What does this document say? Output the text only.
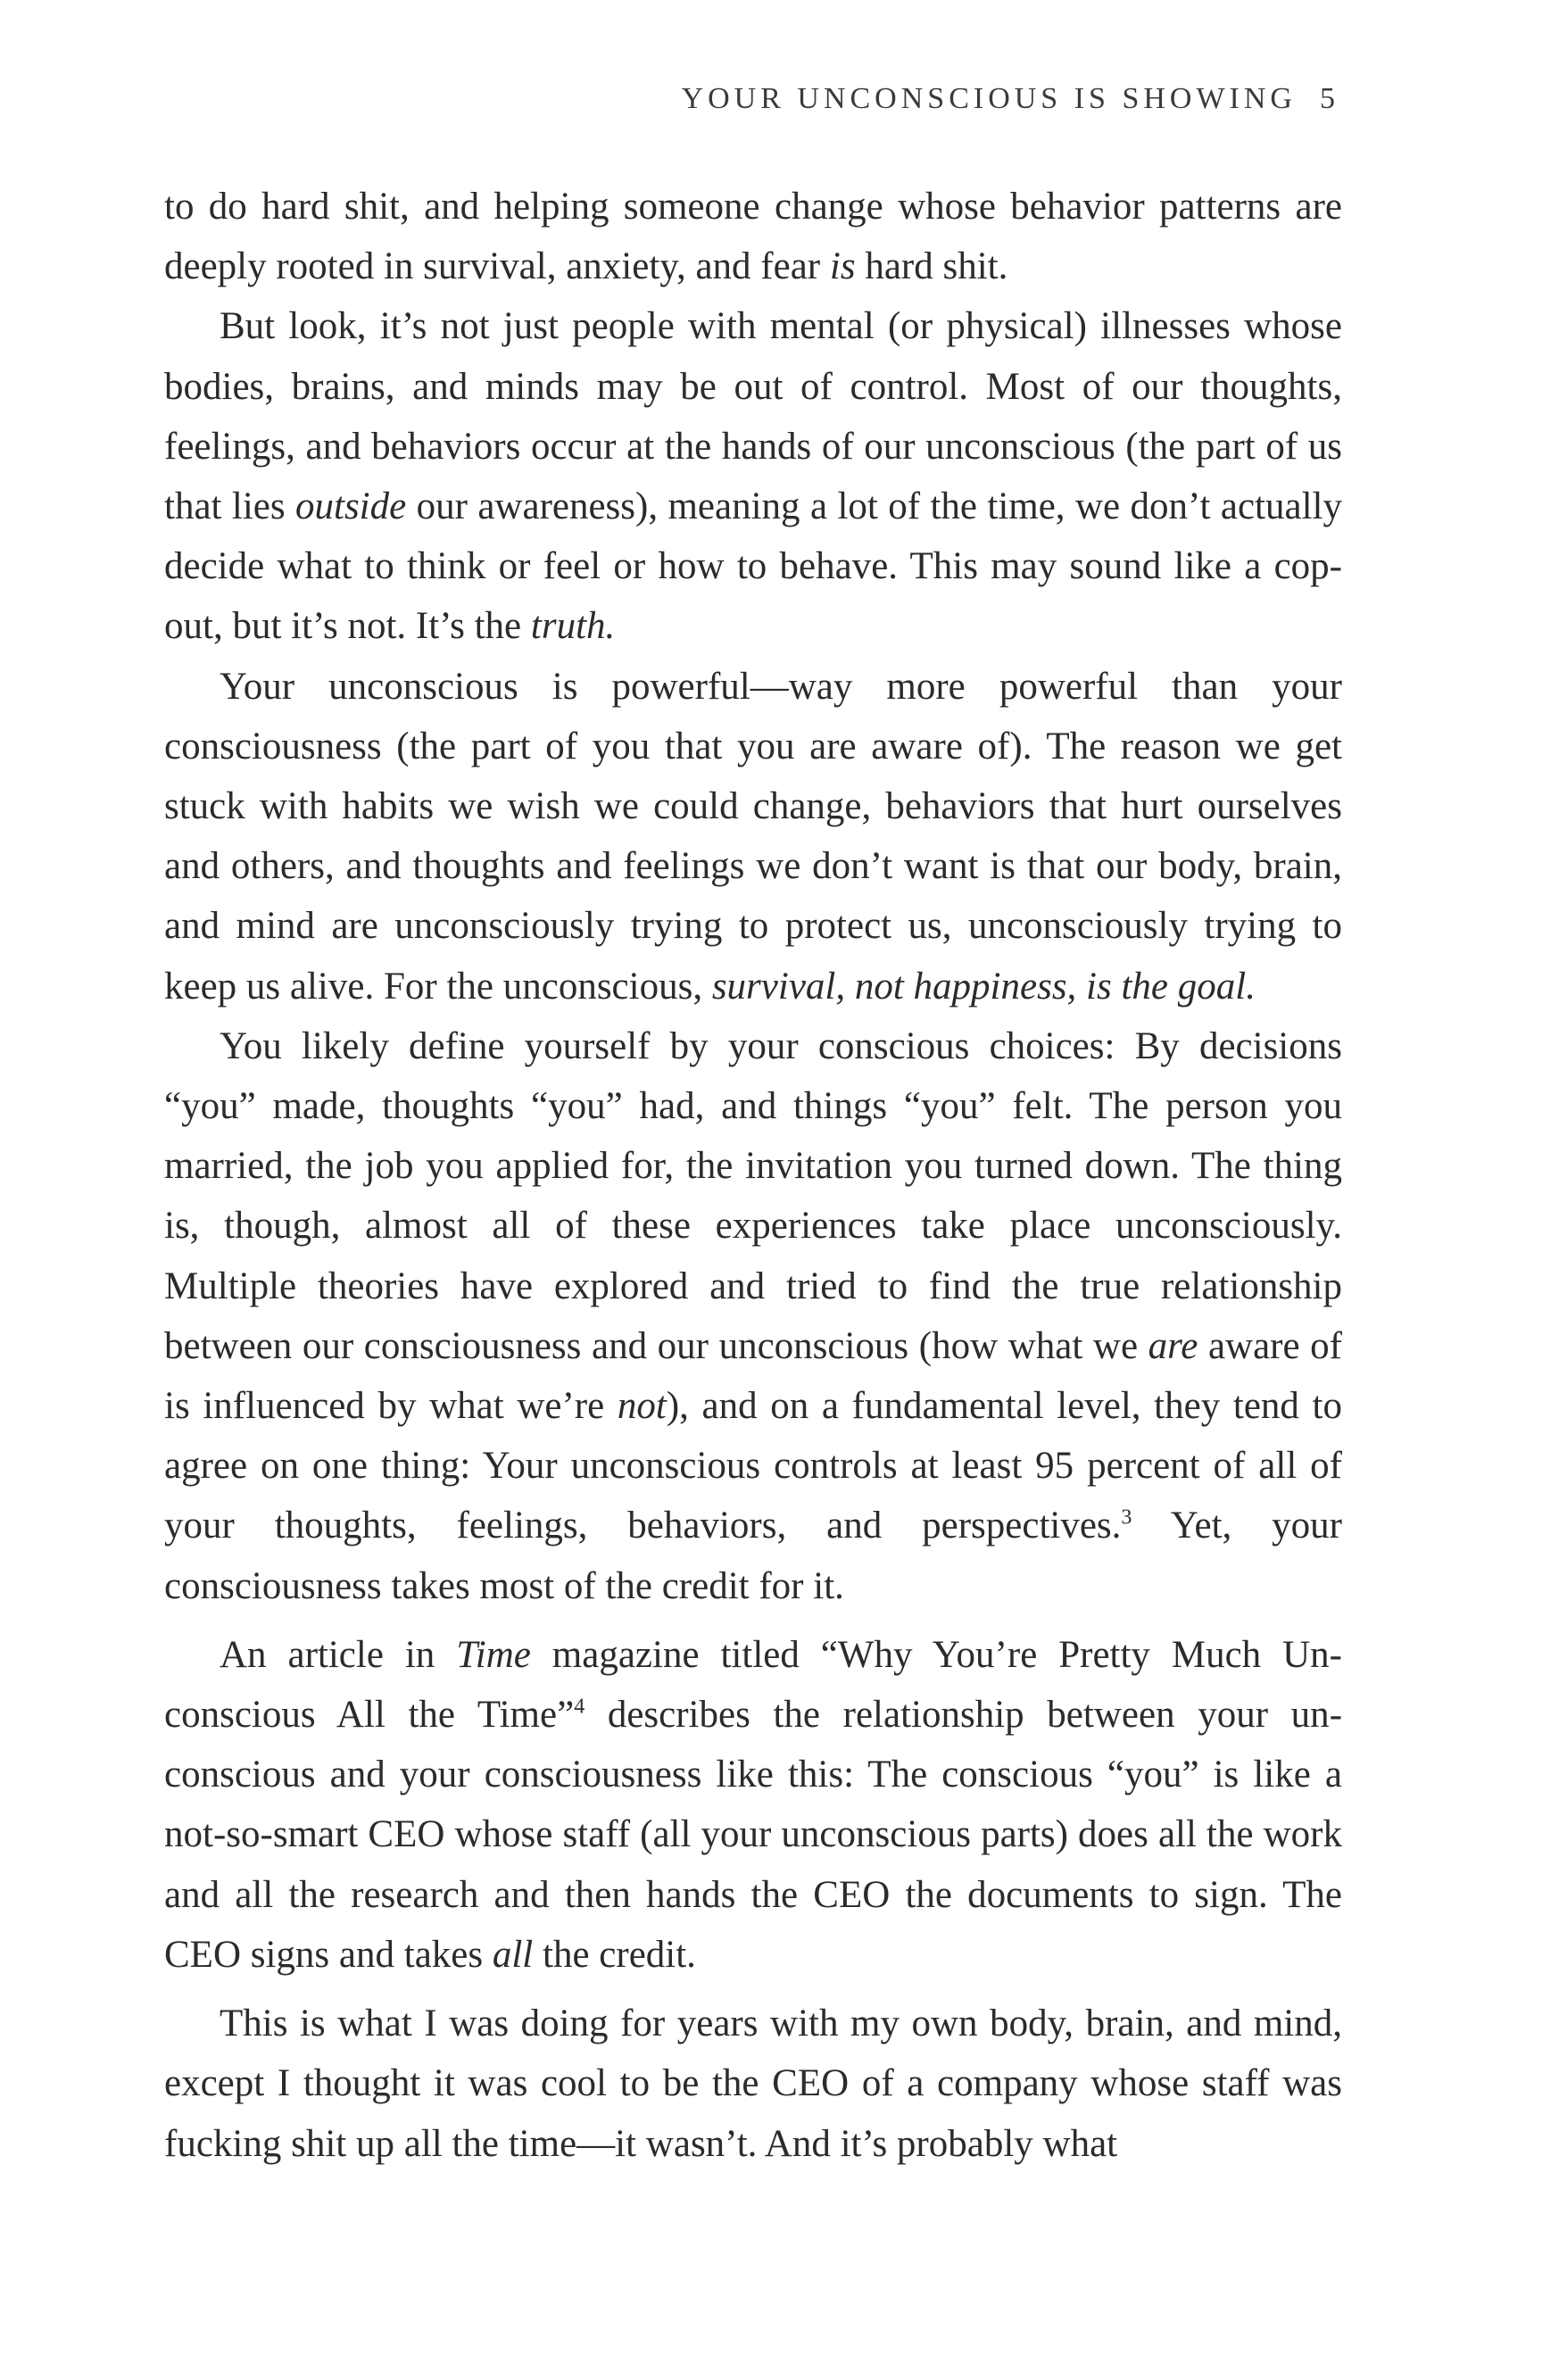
YOUR UNCONSCIOUS IS SHOWING 5

to do hard shit, and helping someone change whose behavior patterns are deeply rooted in survival, anxiety, and fear is hard shit.

But look, it’s not just people with mental (or physical) illnesses whose bodies, brains, and minds may be out of control. Most of our thoughts, feelings, and behaviors occur at the hands of our unconscious (the part of us that lies outside our awareness), meaning a lot of the time, we don’t actually decide what to think or feel or how to behave. This may sound like a cop-out, but it’s not. It’s the truth.

Your unconscious is powerful—way more powerful than your consciousness (the part of you that you are aware of). The reason we get stuck with habits we wish we could change, behaviors that hurt ourselves and others, and thoughts and feelings we don’t want is that our body, brain, and mind are unconsciously trying to protect us, unconsciously trying to keep us alive. For the unconscious, survival, not happiness, is the goal.

You likely define yourself by your conscious choices: By decisions “you” made, thoughts “you” had, and things “you” felt. The person you married, the job you applied for, the invitation you turned down. The thing is, though, almost all of these experiences take place unconsciously. Multiple theories have explored and tried to find the true relationship between our consciousness and our unconscious (how what we are aware of is influenced by what we’re not), and on a fundamental level, they tend to agree on one thing: Your unconscious controls at least 95 percent of all of your thoughts, feelings, behaviors, and perspectives.$^3$ Yet, your consciousness takes most of the credit for it.

An article in Time magazine titled “Why You’re Pretty Much Unconscious All the Time”$^4$ describes the relationship between your unconscious and your consciousness like this: The conscious “you” is like a not-so-smart CEO whose staff (all your unconscious parts) does all the work and all the research and then hands the CEO the documents to sign. The CEO signs and takes all the credit.

This is what I was doing for years with my own body, brain, and mind, except I thought it was cool to be the CEO of a company whose staff was fucking shit up all the time—it wasn’t. And it’s probably what
